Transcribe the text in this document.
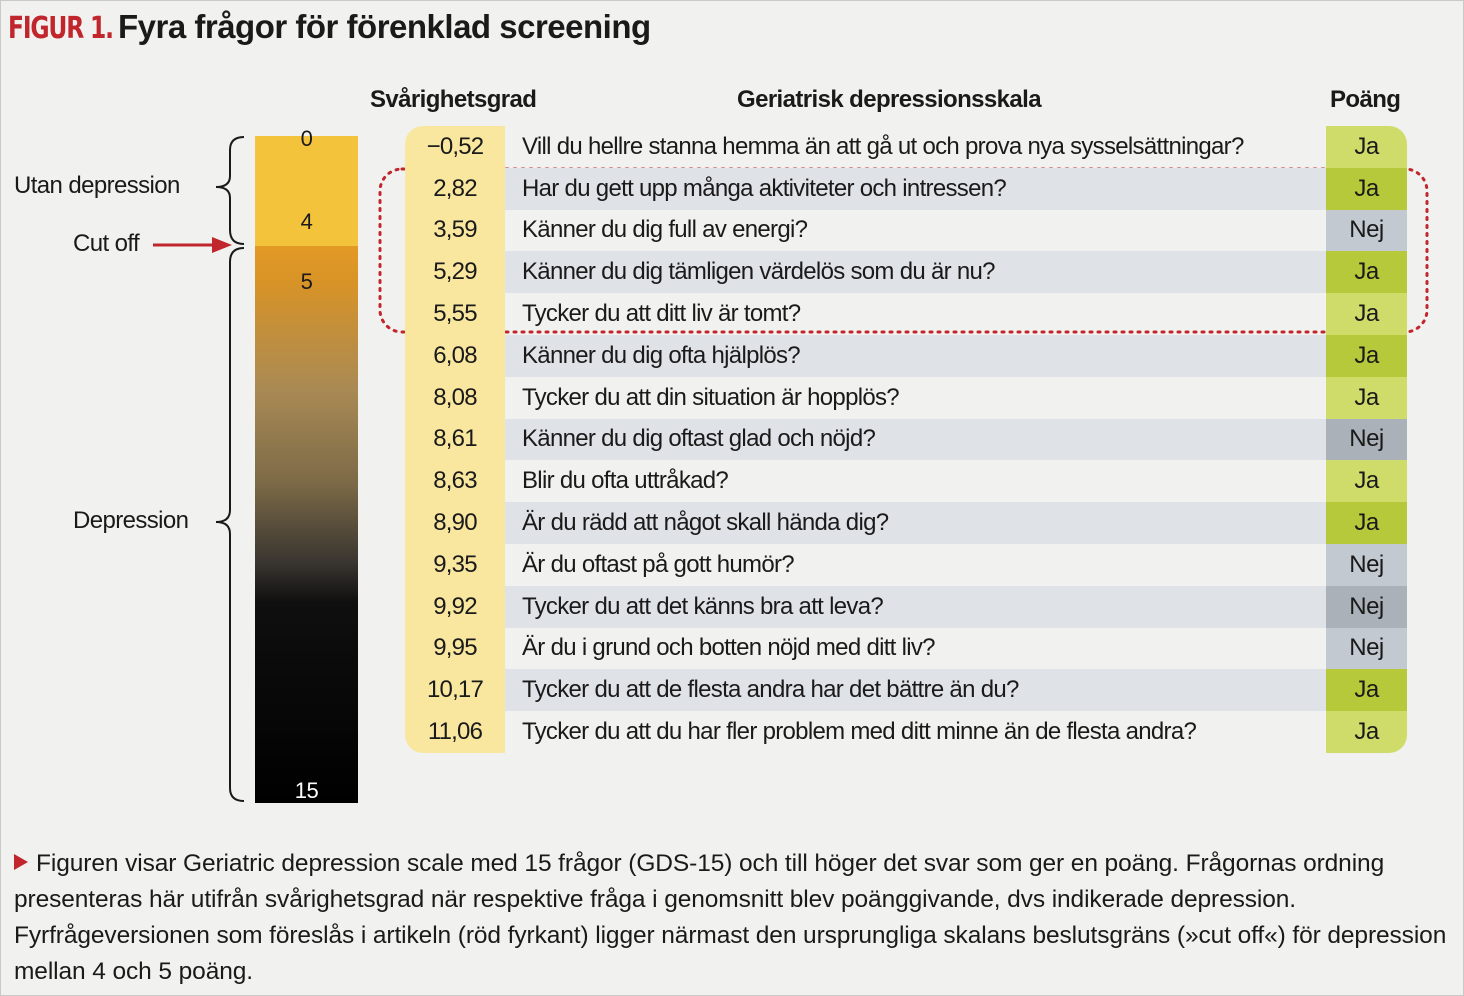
FIGUR 1. Fyra frågor för förenklad screening
Svårighetsgrad	Geriatrisk depressionsskala	Poäng
0
4
5
15
Utan depression
Cut off
Depression
−0,52	Vill du hellre stanna hemma än att gå ut och prova nya sysselsättningar?	Ja
2,82	Har du gett upp många aktiviteter och intressen?	Ja
3,59	Känner du dig full av energi?	Nej
5,29	Känner du dig tämligen värdelös som du är nu?	Ja
5,55	Tycker du att ditt liv är tomt?	Ja
6,08	Känner du dig ofta hjälplös?	Ja
8,08	Tycker du att din situation är hopplös?	Ja
8,61	Känner du dig oftast glad och nöjd?	Nej
8,63	Blir du ofta uttråkad?	Ja
8,90	Är du rädd att något skall hända dig?	Ja
9,35	Är du oftast på gott humör?	Nej
9,92	Tycker du att det känns bra att leva?	Nej
9,95	Är du i grund och botten nöjd med ditt liv?	Nej
10,17	Tycker du att de flesta andra har det bättre än du?	Ja
11,06	Tycker du att du har fler problem med ditt minne än de flesta andra?	Ja
Figuren visar Geriatric depression scale med 15 frågor (GDS-15) och till höger det svar som ger en poäng. Frågornas ordning presenteras här utifrån svårighetsgrad när respektive fråga i genomsnitt blev poänggivande, dvs indikerade depression. Fyrfrågeversionen som föreslås i artikeln (röd fyrkant) ligger närmast den ursprungliga skalans beslutsgräns (»cut off«) för depression mellan 4 och 5 poäng.
